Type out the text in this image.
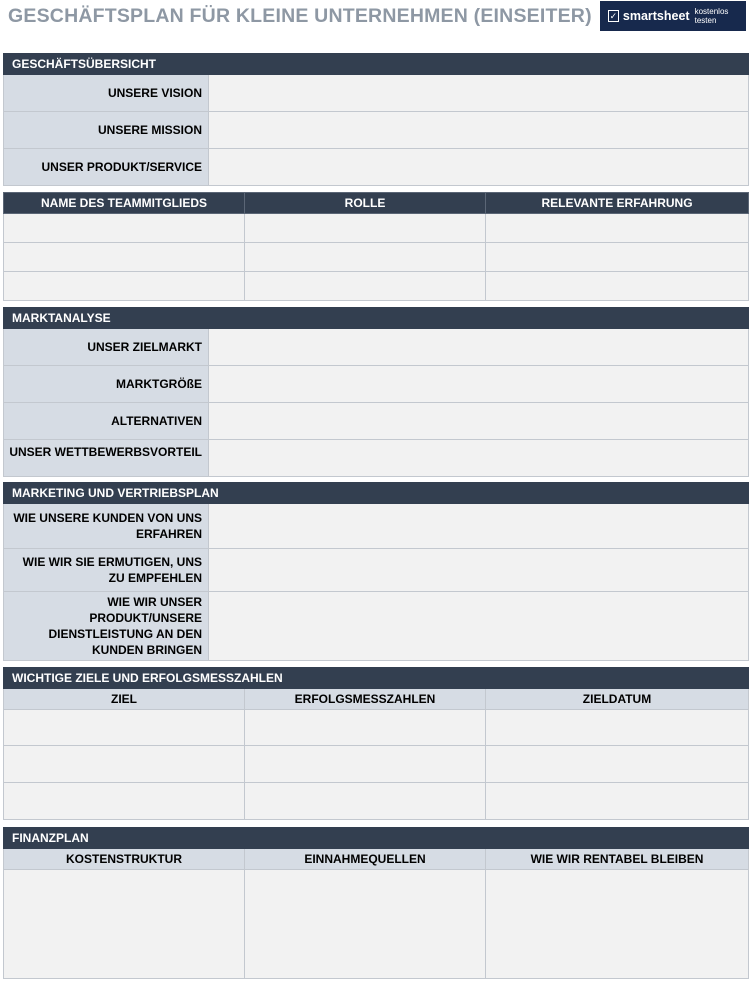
GESCHÄFTSPLAN FÜR KLEINE UNTERNEHMEN (EINSEITER) ✓ smartsheet kostenlos testen
GESCHÄFTSÜBERSICHT	
UNSERE VISION	
UNSERE MISSION	
UNSER PRODUKT/SERVICE	
NAME DES TEAMMITGLIEDS	ROLLE	RELEVANTE ERFAHRUNG

MARKTANALYSE	
UNSER ZIELMARKT	
MARKTGRÖßE	
ALTERNATIVEN	
UNSER WETTBEWERBSVORTEIL	
MARKETING UND VERTRIEBSPLAN	
WIE UNSERE KUNDEN VON UNS ERFAHREN	
WIE WIR SIE ERMUTIGEN, UNS ZU EMPFEHLEN	
WIE WIR UNSER PRODUKT/UNSERE DIENSTLEISTUNG AN DEN KUNDEN BRINGEN	
WICHTIGE ZIELE UND ERFOLGSMESSZAHLEN		
ZIEL	ERFOLGSMESSZAHLEN	ZIELDATUM

FINANZPLAN		
KOSTENSTRUKTUR	EINNAHMEQUELLEN	WIE WIR RENTABEL BLEIBEN
